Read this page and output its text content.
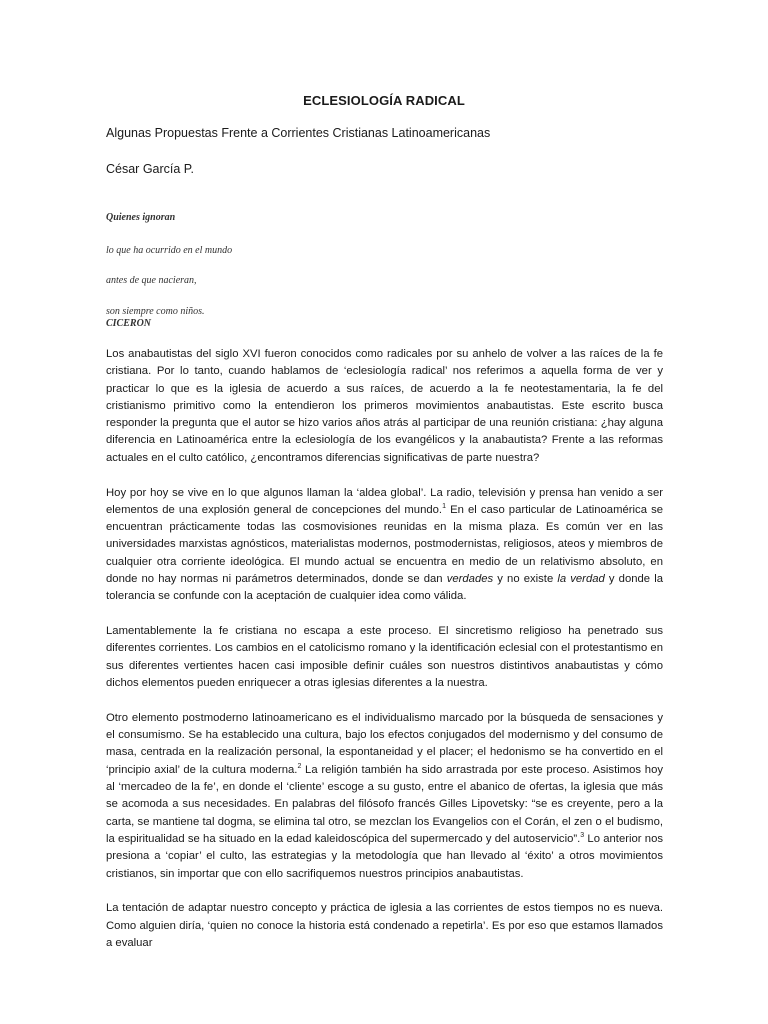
ECLESIOLOGÍA RADICAL
Algunas Propuestas Frente a Corrientes Cristianas Latinoamericanas
César García P.
Quienes ignoran
lo que ha ocurrido en el mundo
antes de que nacieran,
son siempre como niños.
CICERON

Los anabautistas del siglo XVI fueron conocidos como radicales por su anhelo de volver a las raíces de la fe cristiana. Por lo tanto, cuando hablamos de ‘eclesiología radical’ nos referimos a aquella forma de ver y practicar lo que es la iglesia de acuerdo a sus raíces, de acuerdo a la fe neotestamentaria, la fe del cristianismo primitivo como la entendieron los primeros movimientos anabautistas. Este escrito busca responder la pregunta que el autor se hizo varios años atrás al participar de una reunión cristiana: ¿hay alguna diferencia en Latinoamérica entre la eclesiología de los evangélicos y la anabautista? Frente a las reformas actuales en el culto católico, ¿encontramos diferencias significativas de parte nuestra?

Hoy por hoy se vive en lo que algunos llaman la ‘aldea global’. La radio, televisión y prensa han venido a ser elementos de una explosión general de concepciones del mundo.$^1$ En el caso particular de Latinoamérica se encuentran prácticamente todas las cosmovisiones reunidas en la misma plaza. Es común ver en las universidades marxistas agnósticos, materialistas modernos, postmodernistas, religiosos, ateos y miembros de cualquier otra corriente ideológica. El mundo actual se encuentra en medio de un relativismo absoluto, en donde no hay normas ni parámetros determinados, donde se dan verdades y no existe la verdad y donde la tolerancia se confunde con la aceptación de cualquier idea como válida.

Lamentablemente la fe cristiana no escapa a este proceso. El sincretismo religioso ha penetrado sus diferentes corrientes. Los cambios en el catolicismo romano y la identificación eclesial con el protestantismo en sus diferentes vertientes hacen casi imposible definir cuáles son nuestros distintivos anabautistas y cómo dichos elementos pueden enriquecer a otras iglesias diferentes a la nuestra.

Otro elemento postmoderno latinoamericano es el individualismo marcado por la búsqueda de sensaciones y el consumismo. Se ha establecido una cultura, bajo los efectos conjugados del modernismo y del consumo de masa, centrada en la realización personal, la espontaneidad y el placer; el hedonismo se ha convertido en el ‘principio axial’ de la cultura moderna.$^2$ La religión también ha sido arrastrada por este proceso. Asistimos hoy al ‘mercadeo de la fe’, en donde el ‘cliente’ escoge a su gusto, entre el abanico de ofertas, la iglesia que más se acomoda a sus necesidades. En palabras del filósofo francés Gilles Lipovetsky: “se es creyente, pero a la carta, se mantiene tal dogma, se elimina tal otro, se mezclan los Evangelios con el Corán, el zen o el budismo, la espiritualidad se ha situado en la edad kaleidoscópica del supermercado y del autoservicio”.$^3$ Lo anterior nos presiona a ‘copiar’ el culto, las estrategias y la metodología que han llevado al ‘éxito’ a otros movimientos cristianos, sin importar que con ello sacrifiquemos nuestros principios anabautistas.

La tentación de adaptar nuestro concepto y práctica de iglesia a las corrientes de estos tiempos no es nueva. Como alguien diría, ‘quien no conoce la historia está condenado a repetirla’. Es por eso que estamos llamados a evaluar
